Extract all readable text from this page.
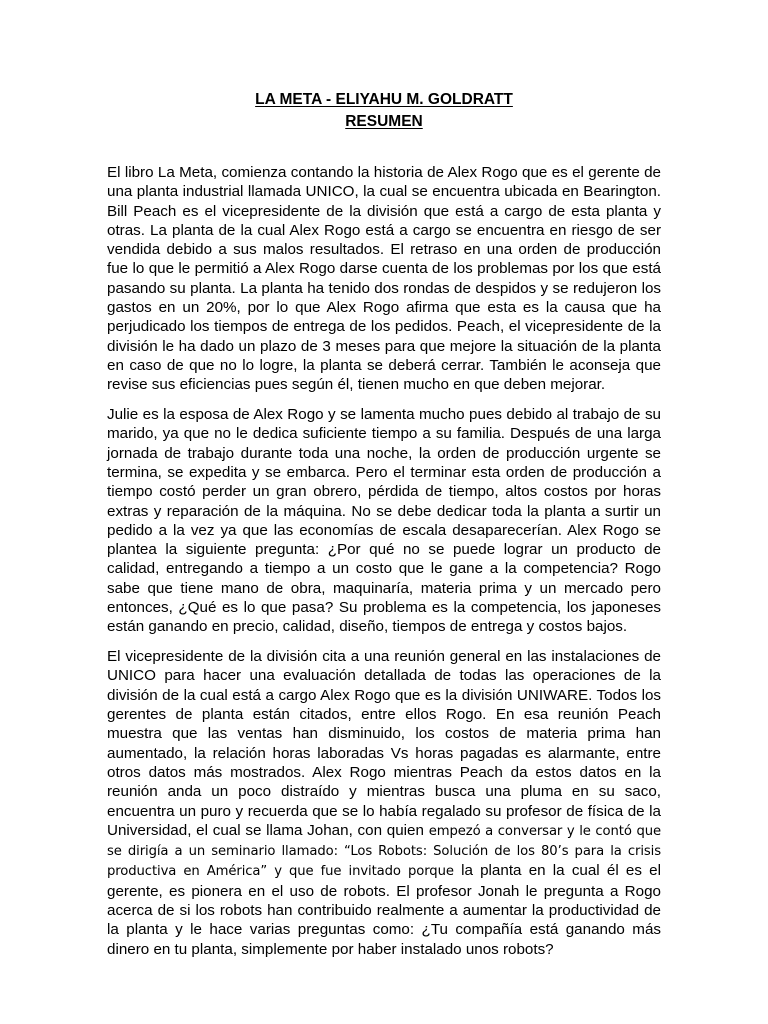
LA META - ELIYAHU M. GOLDRATT
RESUMEN

El libro La Meta, comienza contando la historia de Alex Rogo que es el gerente de una planta industrial llamada UNICO, la cual se encuentra ubicada en Bearington. Bill Peach es el vicepresidente de la división que está a cargo de esta planta y otras. La planta de la cual Alex Rogo está a cargo se encuentra en riesgo de ser vendida debido a sus malos resultados. El retraso en una orden de producción fue lo que le permitió a Alex Rogo darse cuenta de los problemas por los que está pasando su planta. La planta ha tenido dos rondas de despidos y se redujeron los gastos en un 20%, por lo que Alex Rogo afirma que esta es la causa que ha perjudicado los tiempos de entrega de los pedidos. Peach, el vicepresidente de la división le ha dado un plazo de 3 meses para que mejore la situación de la planta en caso de que no lo logre, la planta se deberá cerrar. También le aconseja que revise sus eficiencias pues según él, tienen mucho en que deben mejorar.

Julie es la esposa de Alex Rogo y se lamenta mucho pues debido al trabajo de su marido, ya que no le dedica suficiente tiempo a su familia. Después de una larga jornada de trabajo durante toda una noche, la orden de producción urgente se termina, se expedita y se embarca. Pero el terminar esta orden de producción a tiempo costó perder un gran obrero, pérdida de tiempo, altos costos por horas extras y reparación de la máquina. No se debe dedicar toda la planta a surtir un pedido a la vez ya que las economías de escala desaparecerían. Alex Rogo se plantea la siguiente pregunta: ¿Por qué no se puede lograr un producto de calidad, entregando a tiempo a un costo que le gane a la competencia? Rogo sabe que tiene mano de obra, maquinaría, materia prima y un mercado pero entonces, ¿Qué es lo que pasa? Su problema es la competencia, los japoneses están ganando en precio, calidad, diseño, tiempos de entrega y costos bajos.

El vicepresidente de la división cita a una reunión general en las instalaciones de UNICO para hacer una evaluación detallada de todas las operaciones de la división de la cual está a cargo Alex Rogo que es la división UNIWARE. Todos los gerentes de planta están citados, entre ellos Rogo. En esa reunión Peach muestra que las ventas han disminuido, los costos de materia prima han aumentado, la relación horas laboradas Vs horas pagadas es alarmante, entre otros datos más mostrados. Alex Rogo mientras Peach da estos datos en la reunión anda un poco distraído y mientras busca una pluma en su saco, encuentra un puro y recuerda que se lo había regalado su profesor de física de la Universidad, el cual se llama Johan, con quien empezó a conversar y le contó que se dirigía a un seminario llamado: “Los Robots: Solución de los 80’s para la crisis productiva en América” y que fue invitado porque la planta en la cual él es el gerente, es pionera en el uso de robots. El profesor Jonah le pregunta a Rogo acerca de si los robots han contribuido realmente a aumentar la productividad de la planta y le hace varias preguntas como: ¿Tu compañía está ganando más dinero en tu planta, simplemente por haber instalado unos robots?
